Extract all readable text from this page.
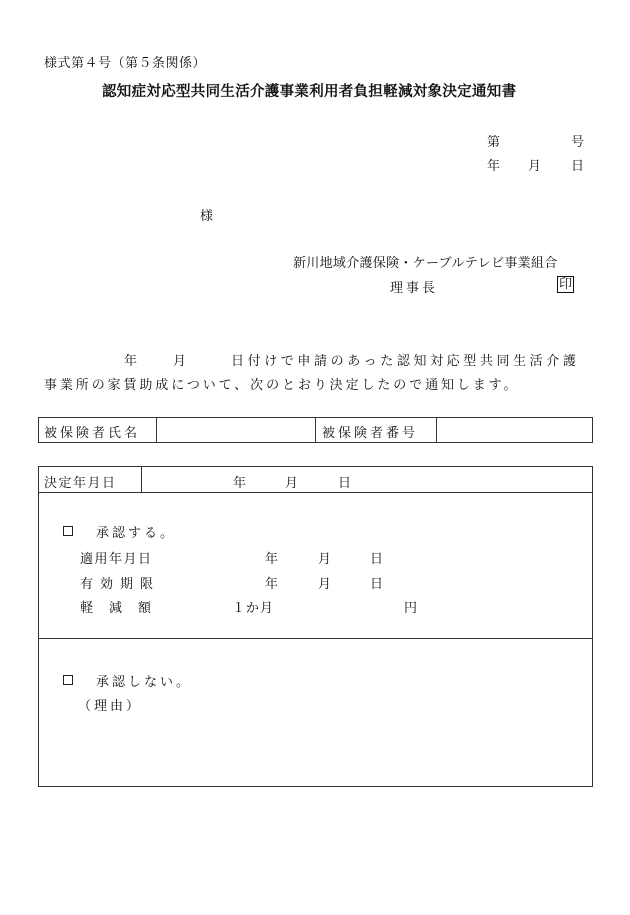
様式第４号（第５条関係）
認知症対応型共同生活介護事業利用者負担軽減対象決定通知書
第	号
年 月 日
様
新川地域介護保険・ケーブルテレビ事業組合
理事長	印
年	月	日付けで申請のあった認知対応型共同生活介護
事業所の家賃助成について、次のとおり決定したので通知します。
被保険者氏名	被保険者番号
決定年月日	年	月	日
承認する。
適用年月日	年	月	日
有効期限	年	月	日
軽減額	１か月	円
承認しない。
（理由）
